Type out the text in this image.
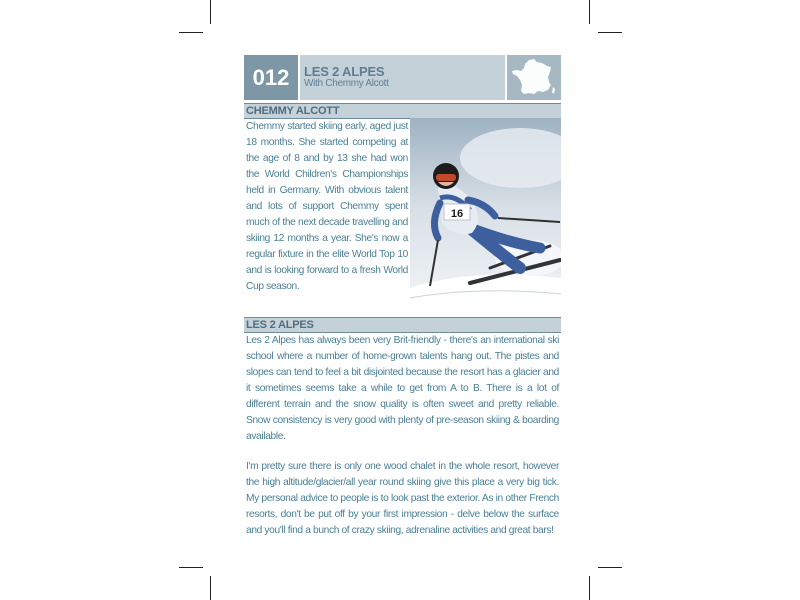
012	LES 2 ALPES
With Chemmy Alcott
CHEMMY ALCOTT

Chemmy started skiing early, aged just 18 months. She started competing at the age of 8 and by 13 she had won the World Children's Championships held in Germany. With obvious talent and lots of support Chemmy spent much of the next decade travelling and skiing 12 months a year. She's now a regular fixture in the elite World Top 10 and is looking forward to a fresh World Cup season.

16
LES 2 ALPES

Les 2 Alpes has always been very Brit-friendly - there's an international ski school where a number of home-grown talents hang out. The pistes and slopes can tend to feel a bit disjointed because the resort has a glacier and it sometimes seems take a while to get from A to B. There is a lot of different terrain and the snow quality is often sweet and pretty reliable. Snow consistency is very good with plenty of pre-season skiing & boarding available.

I'm pretty sure there is only one wood chalet in the whole resort, however the high altitude/glacier/all year round skiing give this place a very big tick. My personal advice to people is to look past the exterior. As in other French resorts, don't be put off by your first impression - delve below the surface and you'll find a bunch of crazy skiing, adrenaline activities and great bars!
